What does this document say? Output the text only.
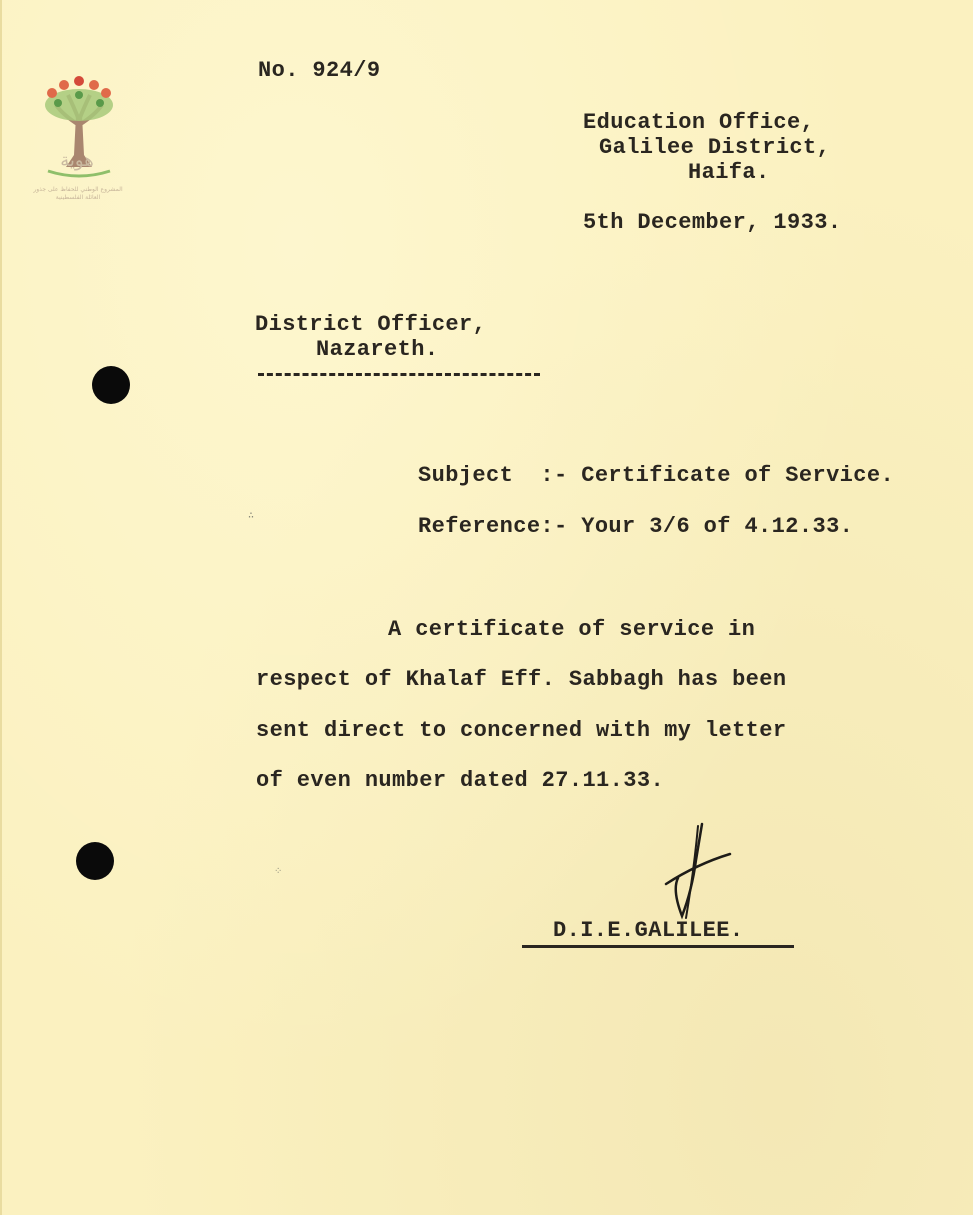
هوية
المشروع الوطني للحفاظ على جذور العائلة الفلسطينية
No. 924/9
Education Office,
Galilee District,
Haifa.
5th December, 1933.
District Officer,
Nazareth.
Subject  :- Certificate of Service.
Reference:- Your 3/6 of 4.12.33.
∴
A certificate of service in
respect of Khalaf Eff. Sabbagh has been
sent direct to concerned with my letter
of even number dated 27.11.33.
⁘
D.I.E.GALILEE.
